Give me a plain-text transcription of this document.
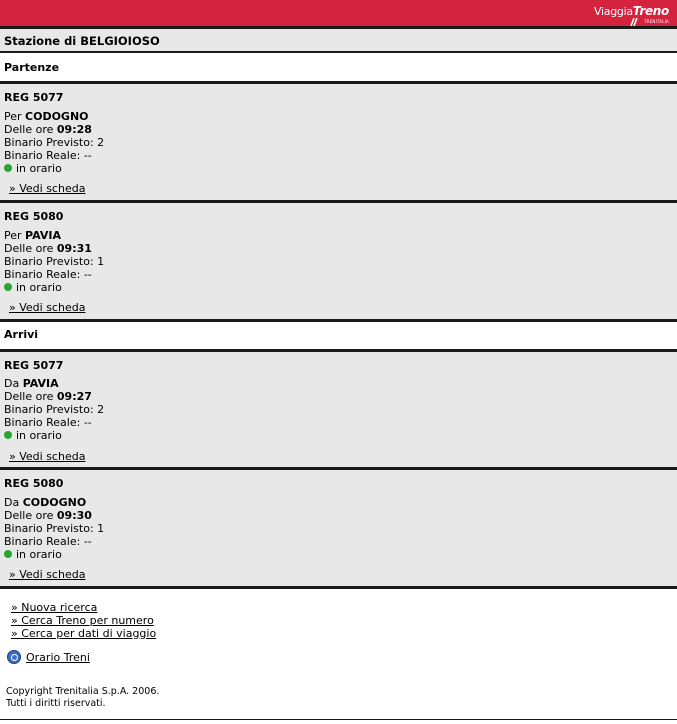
ViaggiaTreno
TRENITALIA
Stazione di BELGIOIOSO
Partenze
REG 5077
Per CODOGNO
Delle ore 09:28
Binario Previsto: 2
Binario Reale: --
in orario
» Vedi scheda
REG 5080
Per PAVIA
Delle ore 09:31
Binario Previsto: 1
Binario Reale: --
in orario
» Vedi scheda
Arrivi
REG 5077
Da PAVIA
Delle ore 09:27
Binario Previsto: 2
Binario Reale: --
in orario
» Vedi scheda
REG 5080
Da CODOGNO
Delle ore 09:30
Binario Previsto: 1
Binario Reale: --
in orario
» Vedi scheda
» Nuova ricerca
» Cerca Treno per numero
» Cerca per dati di viaggio
Orario Treni
Copyright Trenitalia S.p.A. 2006.
Tutti i diritti riservati.
